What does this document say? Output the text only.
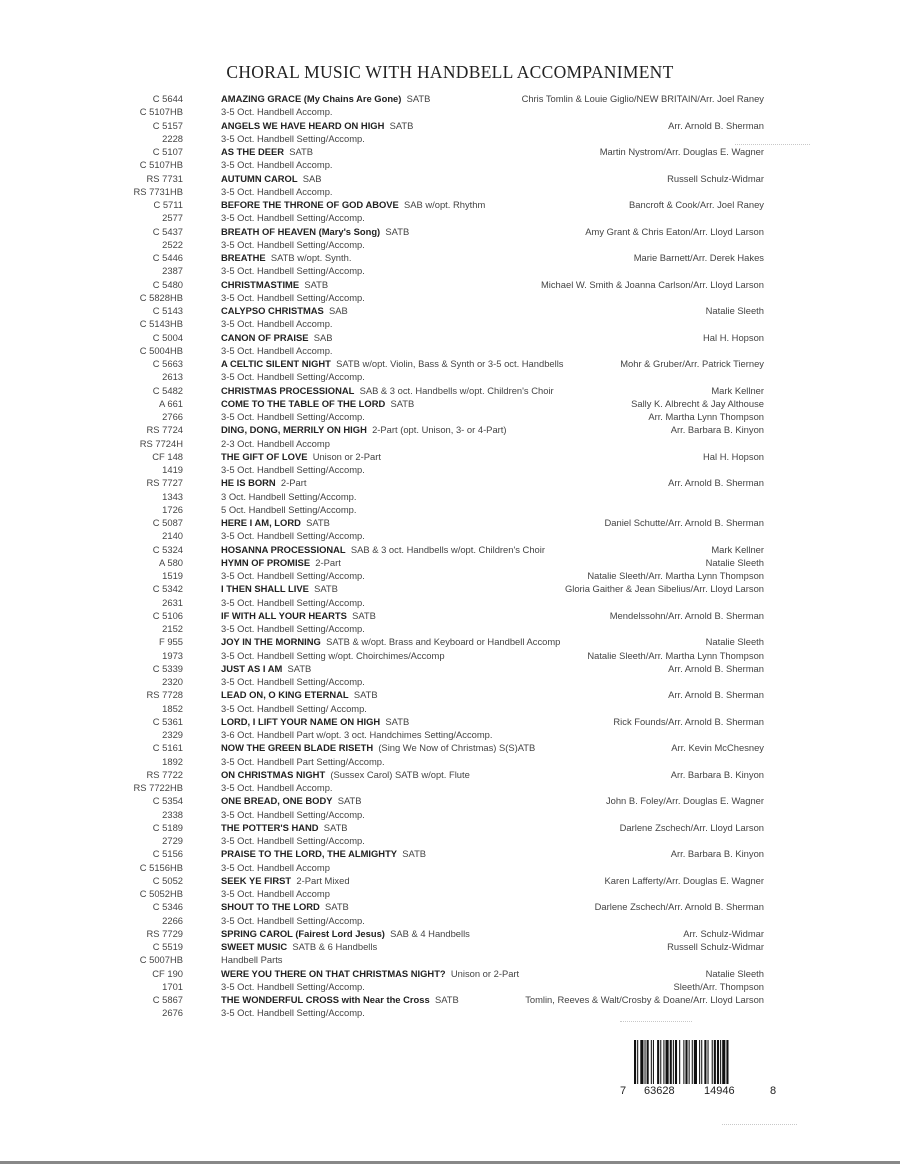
CHORAL MUSIC WITH HANDBELL ACCOMPANIMENT
C 5644	AMAZING GRACE (My Chains Are Gone) SATB	Chris Tomlin & Louie Giglio/NEW BRITAIN/Arr. Joel Raney
C 5107HB	3-5 Oct. Handbell Accomp.
C 5157	ANGELS WE HAVE HEARD ON HIGH SATB	Arr. Arnold B. Sherman
2228	3-5 Oct. Handbell Setting/Accomp.
C 5107	AS THE DEER SATB	Martin Nystrom/Arr. Douglas E. Wagner
C 5107HB	3-5 Oct. Handbell Accomp.
RS 7731	AUTUMN CAROL SAB	Russell Schulz-Widmar
RS 7731HB	3-5 Oct. Handbell Accomp.
C 5711	BEFORE THE THRONE OF GOD ABOVE SAB w/opt. Rhythm	Bancroft & Cook/Arr. Joel Raney
2577	3-5 Oct. Handbell Setting/Accomp.
C 5437	BREATH OF HEAVEN (Mary's Song) SATB	Amy Grant & Chris Eaton/Arr. Lloyd Larson
2522	3-5 Oct. Handbell Setting/Accomp.
C 5446	BREATHE SATB w/opt. Synth.	Marie Barnett/Arr. Derek Hakes
2387	3-5 Oct. Handbell Setting/Accomp.
C 5480	CHRISTMASTIME SATB	Michael W. Smith & Joanna Carlson/Arr. Lloyd Larson
C 5828HB	3-5 Oct. Handbell Setting/Accomp.
C 5143	CALYPSO CHRISTMAS SAB	Natalie Sleeth
C 5143HB	3-5 Oct. Handbell Accomp.
C 5004	CANON OF PRAISE SAB	Hal H. Hopson
C 5004HB	3-5 Oct. Handbell Accomp.
C 5663	A CELTIC SILENT NIGHT SATB w/opt. Violin, Bass & Synth or 3-5 oct. Handbells	Mohr & Gruber/Arr. Patrick Tierney
2613	3-5 Oct. Handbell Setting/Accomp.
C 5482	CHRISTMAS PROCESSIONAL SAB & 3 oct. Handbells w/opt. Children's Choir	Mark Kellner
A 661	COME TO THE TABLE OF THE LORD SATB	Sally K. Albrecht & Jay Althouse
2766	3-5 Oct. Handbell Setting/Accomp.	Arr. Martha Lynn Thompson
RS 7724	DING, DONG, MERRILY ON HIGH 2-Part (opt. Unison, 3- or 4-Part)	Arr. Barbara B. Kinyon
RS 7724H	2-3 Oct. Handbell Accomp
CF 148	THE GIFT OF LOVE Unison or 2-Part	Hal H. Hopson
1419	3-5 Oct. Handbell Setting/Accomp.
RS 7727	HE IS BORN 2-Part	Arr. Arnold B. Sherman
1343	3 Oct. Handbell Setting/Accomp.
1726	5 Oct. Handbell Setting/Accomp.
C 5087	HERE I AM, LORD SATB	Daniel Schutte/Arr. Arnold B. Sherman
2140	3-5 Oct. Handbell Setting/Accomp.
C 5324	HOSANNA PROCESSIONAL SAB & 3 oct. Handbells w/opt. Children's Choir	Mark Kellner
A 580	HYMN OF PROMISE 2-Part	Natalie Sleeth
1519	3-5 Oct. Handbell Setting/Accomp.	Natalie Sleeth/Arr. Martha Lynn Thompson
C 5342	I THEN SHALL LIVE SATB	Gloria Gaither & Jean Sibelius/Arr. Lloyd Larson
2631	3-5 Oct. Handbell Setting/Accomp.
C 5106	IF WITH ALL YOUR HEARTS SATB	Mendelssohn/Arr. Arnold B. Sherman
2152	3-5 Oct. Handbell Setting/Accomp.
F 955	JOY IN THE MORNING SATB & w/opt. Brass and Keyboard or Handbell Accomp	Natalie Sleeth
1973	3-5 Oct. Handbell Setting w/opt. Choirchimes/Accomp	Natalie Sleeth/Arr. Martha Lynn Thompson
C 5339	JUST AS I AM SATB	Arr. Arnold B. Sherman
2320	3-5 Oct. Handbell Setting/Accomp.
RS 7728	LEAD ON, O KING ETERNAL SATB	Arr. Arnold B. Sherman
1852	3-5 Oct. Handbell Setting/ Accomp.
C 5361	LORD, I LIFT YOUR NAME ON HIGH SATB	Rick Founds/Arr. Arnold B. Sherman
2329	3-6 Oct. Handbell Part w/opt. 3 oct. Handchimes Setting/Accomp.
C 5161	NOW THE GREEN BLADE RISETH (Sing We Now of Christmas) S(S)ATB	Arr. Kevin McChesney
1892	3-5 Oct. Handbell Part Setting/Accomp.
RS 7722	ON CHRISTMAS NIGHT (Sussex Carol) SATB w/opt. Flute	Arr. Barbara B. Kinyon
RS 7722HB	3-5 Oct. Handbell Accomp.
C 5354	ONE BREAD, ONE BODY SATB	John B. Foley/Arr. Douglas E. Wagner
2338	3-5 Oct. Handbell Setting/Accomp.
C 5189	THE POTTER'S HAND SATB	Darlene Zschech/Arr. Lloyd Larson
2729	3-5 Oct. Handbell Setting/Accomp.
C 5156	PRAISE TO THE LORD, THE ALMIGHTY SATB	Arr. Barbara B. Kinyon
C 5156HB	3-5 Oct. Handbell Accomp
C 5052	SEEK YE FIRST 2-Part Mixed	Karen Lafferty/Arr. Douglas E. Wagner
C 5052HB	3-5 Oct. Handbell Accomp
C 5346	SHOUT TO THE LORD SATB	Darlene Zschech/Arr. Arnold B. Sherman
2266	3-5 Oct. Handbell Setting/Accomp.
RS 7729	SPRING CAROL (Fairest Lord Jesus) SAB & 4 Handbells	Arr. Schulz-Widmar
C 5519	SWEET MUSIC SATB & 6 Handbells	Russell Schulz-Widmar
C 5007HB	Handbell Parts
CF 190	WERE YOU THERE ON THAT CHRISTMAS NIGHT? Unison or 2-Part	Natalie Sleeth
1701	3-5 Oct. Handbell Setting/Accomp.	Sleeth/Arr. Thompson
C 5867	THE WONDERFUL CROSS with Near the Cross SATB	Tomlin, Reeves & Walt/Crosby & Doane/Arr. Lloyd Larson
2676	3-5 Oct. Handbell Setting/Accomp.
7 63628	14946	8
